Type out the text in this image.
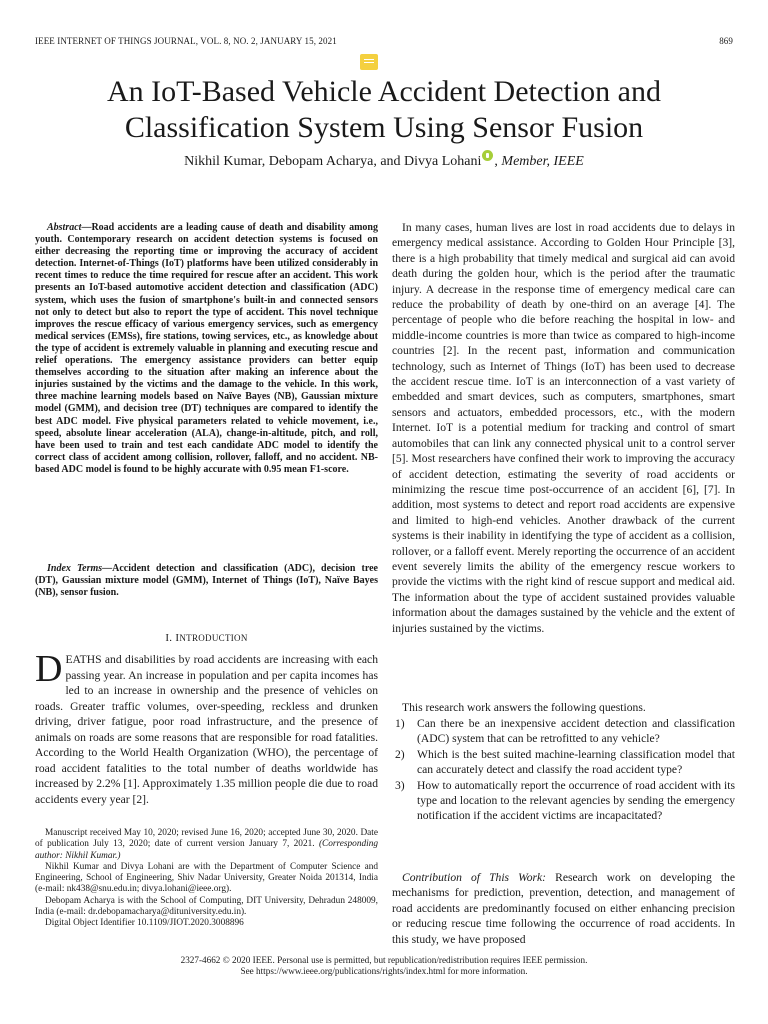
IEEE INTERNET OF THINGS JOURNAL, VOL. 8, NO. 2, JANUARY 15, 2021	869
An IoT-Based Vehicle Accident Detection and
Classification System Using Sensor Fusion
Nikhil Kumar, Debopam Acharya, and Divya Lohani , Member, IEEE

Abstract—Road accidents are a leading cause of death and disability among youth. Contemporary research on accident detection systems is focused on either decreasing the reporting time or improving the accuracy of accident detection. Internet-of-Things (IoT) platforms have been utilized considerably in recent times to reduce the time required for rescue after an accident. This work presents an IoT-based automotive accident detection and classification (ADC) system, which uses the fusion of smartphone's built-in and connected sensors not only to detect but also to report the type of accident. This novel technique improves the rescue efficacy of various emergency services, such as emergency medical services (EMSs), fire stations, towing services, etc., as knowledge about the type of accident is extremely valuable in planning and executing rescue and relief operations. The emergency assistance providers can better equip themselves according to the situation after making an inference about the injuries sustained by the victims and the damage to the vehicle. In this work, three machine learning models based on Naïve Bayes (NB), Gaussian mixture model (GMM), and decision tree (DT) techniques are compared to identify the best ADC model. Five physical parameters related to vehicle movement, i.e., speed, absolute linear acceleration (ALA), change-in-altitude, pitch, and roll, have been used to train and test each candidate ADC model to identify the correct class of accident among collision, rollover, falloff, and no accident. NB-based ADC model is found to be highly accurate with 0.95 mean F1-score.

Index Terms—Accident detection and classification (ADC), decision tree (DT), Gaussian mixture model (GMM), Internet of Things (IoT), Naïve Bayes (NB), sensor fusion.

I. INTRODUCTION

DEATHS and disabilities by road accidents are increasing with each passing year. An increase in population and per capita incomes has led to an increase in ownership and the presence of vehicles on roads. Greater traffic volumes, over-speeding, reckless and drunken driving, driver fatigue, poor road infrastructure, and the presence of animals on roads are some reasons that are responsible for road fatalities. According to the World Health Organization (WHO), the percentage of road accident fatalities to the total number of deaths worldwide has increased by 2.2% [1]. Approximately 1.35 million people die due to road accidents every year [2].

Manuscript received May 10, 2020; revised June 16, 2020; accepted June 30, 2020. Date of publication July 13, 2020; date of current version January 7, 2021. (Corresponding author: Nikhil Kumar.)

Nikhil Kumar and Divya Lohani are with the Department of Computer Science and Engineering, School of Engineering, Shiv Nadar University, Greater Noida 201314, India (e-mail: nk438@snu.edu.in; divya.lohani@ieee.org).

Debopam Acharya is with the School of Computing, DIT University, Dehradun 248009, India (e-mail: dr.debopamacharya@dituniversity.edu.in).

Digital Object Identifier 10.1109/JIOT.2020.3008896

In many cases, human lives are lost in road accidents due to delays in emergency medical assistance. According to Golden Hour Principle [3], there is a high probability that timely medical and surgical aid can avoid death during the golden hour, which is the period after the traumatic injury. A decrease in the response time of emergency medical care can reduce the probability of death by one-third on an average [4]. The percentage of people who die before reaching the hospital in low- and middle-income countries is more than twice as compared to high-income countries [2]. In the recent past, information and communication technology, such as Internet of Things (IoT) has been used to decrease the accident rescue time. IoT is an interconnection of a vast variety of embedded and smart devices, such as computers, smartphones, smart sensors and actuators, embedded processors, etc., with the modern Internet. IoT is a potential medium for tracking and control of smart automobiles that can link any connected physical unit to a control server [5]. Most researchers have confined their work to improving the accuracy of accident detection, estimating the severity of road accidents or minimizing the rescue time post-occurrence of an accident [6], [7]. In addition, most systems to detect and report road accidents are expensive and limited to high-end vehicles. Another drawback of the current systems is their inability in identifying the type of accident as a collision, rollover, or a falloff event. Merely reporting the occurrence of an accident event severely limits the ability of the emergency rescue workers to provide the victims with the right kind of rescue support and medical aid. The information about the type of accident sustained provides valuable information about the damages sustained by the vehicle and the extent of injuries sustained by the victims.

This research work answers the following questions.

1) Can there be an inexpensive accident detection and classification (ADC) system that can be retrofitted to any vehicle?
2) Which is the best suited machine-learning classification model that can accurately detect and classify the road accident type?
3) How to automatically report the occurrence of road accident with its type and location to the relevant agencies by sending the emergency notification if the accident victims are incapacitated?

Contribution of This Work: Research work on developing the mechanisms for prediction, prevention, detection, and management of road accidents are predominantly focused on either enhancing precision or reducing rescue time following the occurrence of road accidents. In this study, we have proposed

2327-4662 © 2020 IEEE. Personal use is permitted, but republication/redistribution requires IEEE permission.
See https://www.ieee.org/publications/rights/index.html for more information.
